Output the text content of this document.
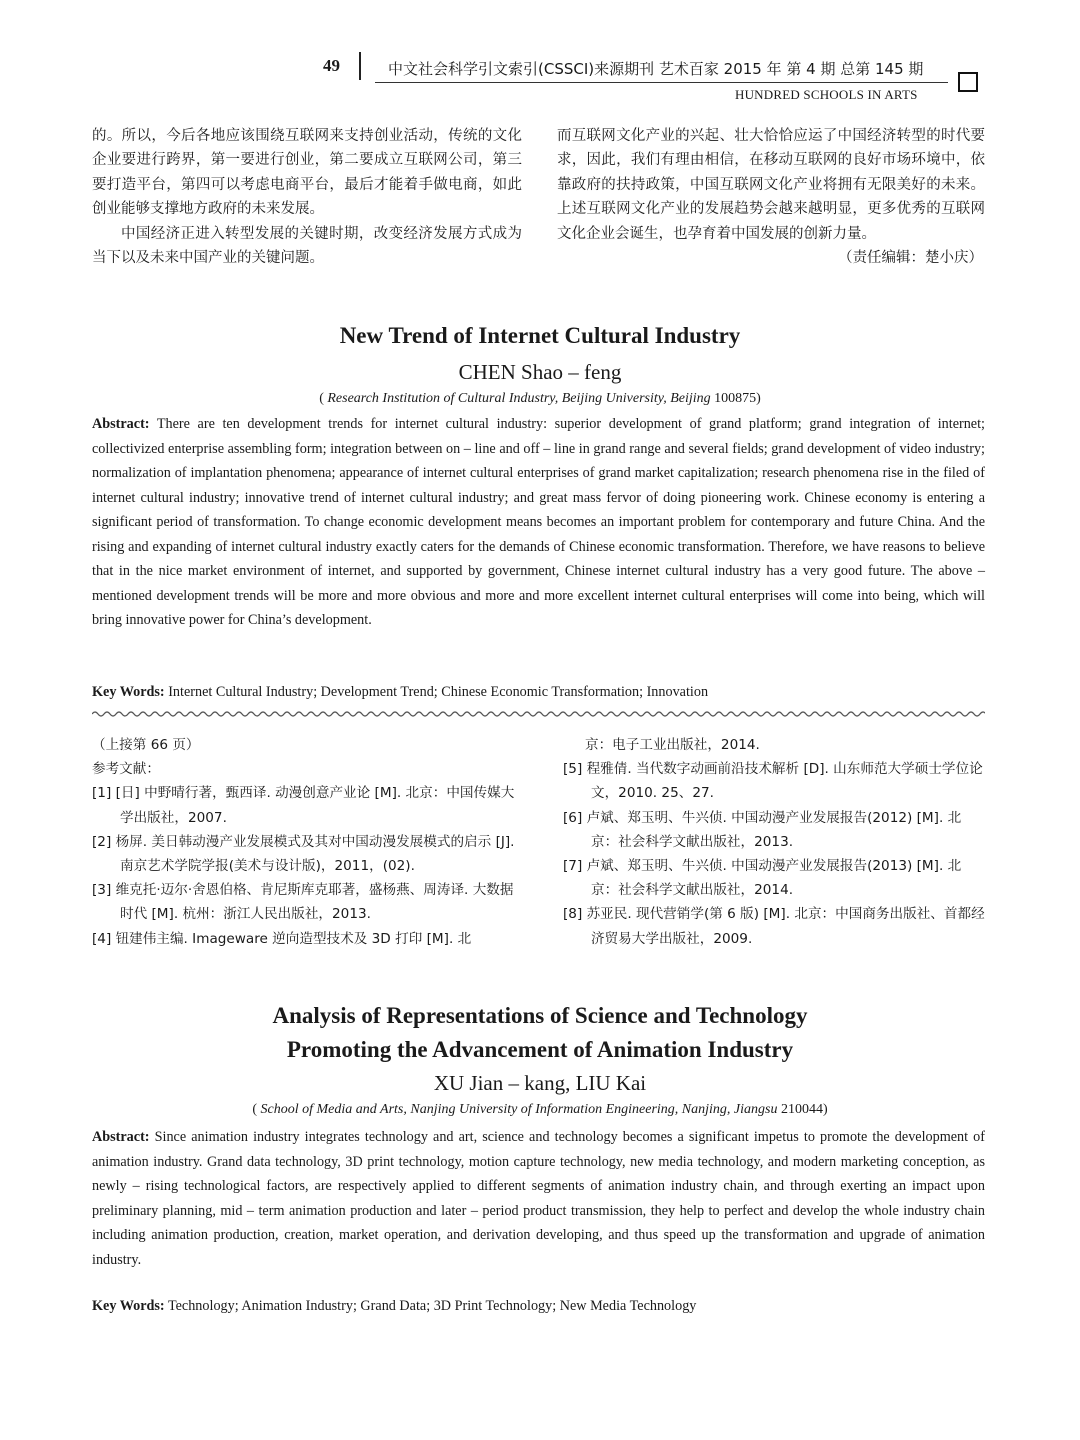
49	中文社会科学引文索引(CSSCI)来源期刊 艺术百家 2015 年 第 4 期 总第 145 期
HUNDRED SCHOOLS IN ARTS

的。所以，今后各地应该围绕互联网来支持创业活动，传统的文化企业要进行跨界，第一要进行创业，第二要成立互联网公司，第三要打造平台，第四可以考虑电商平台，最后才能着手做电商，如此创业能够支撑地方政府的未来发展。

中国经济正进入转型发展的关键时期，改变经济发展方式成为当下以及未来中国产业的关键问题。

而互联网文化产业的兴起、壮大恰恰应运了中国经济转型的时代要求，因此，我们有理由相信，在移动互联网的良好市场环境中，依靠政府的扶持政策，中国互联网文化产业将拥有无限美好的未来。上述互联网文化产业的发展趋势会越来越明显，更多优秀的互联网文化企业会诞生，也孕育着中国发展的创新力量。

（责任编辑：楚小庆）

New Trend of Internet Cultural Industry
CHEN Shao – feng
( Research Institution of Cultural Industry, Beijing University, Beijing 100875)
Abstract: There are ten development trends for internet cultural industry: superior development of grand platform; grand integration of internet; collectivized enterprise assembling form; integration between on – line and off – line in grand range and several fields; grand development of video industry; normalization of implantation phenomena; appearance of internet cultural enterprises of grand market capitalization; research phenomena rise in the filed of internet cultural industry; innovative trend of internet cultural industry; and great mass fervor of doing pioneering work. Chinese economy is entering a significant period of transformation. To change economic development means becomes an important problem for contemporary and future China. And the rising and expanding of internet cultural industry exactly caters for the demands of Chinese economic transformation. Therefore, we have reasons to believe that in the nice market environment of internet, and supported by government, Chinese internet cultural industry has a very good future. The above – mentioned development trends will be more and more obvious and more and more excellent internet cultural enterprises will come into being, which will bring innovative power for China’s development.
Key Words: Internet Cultural Industry; Development Trend; Chinese Economic Transformation; Innovation

（上接第 66 页）

参考文献：

[1] [日] 中野晴行著，甄西译. 动漫创意产业论 [M]. 北京：中国传媒大学出版社，2007.

[2] 杨屏. 美日韩动漫产业发展模式及其对中国动漫发展模式的启示 [J]. 南京艺术学院学报(美术与设计版)，2011，(02).

[3] 维克托·迈尔·舍恩伯格、肯尼斯库克耶著，盛杨燕、周涛译. 大数据时代 [M]. 杭州：浙江人民出版社，2013.

[4] 钮建伟主编. Imageware 逆向造型技术及 3D 打印 [M]. 北

京：电子工业出版社，2014.

[5] 程雅倩. 当代数字动画前沿技术解析 [D]. 山东师范大学硕士学位论文，2010. 25、27.

[6] 卢斌、郑玉明、牛兴侦. 中国动漫产业发展报告(2012) [M]. 北京：社会科学文献出版社，2013.

[7] 卢斌、郑玉明、牛兴侦. 中国动漫产业发展报告(2013) [M]. 北京：社会科学文献出版社，2014.

[8] 苏亚民. 现代营销学(第 6 版) [M]. 北京：中国商务出版社、首都经济贸易大学出版社，2009.

Analysis of Representations of Science and Technology
Promoting the Advancement of Animation Industry
XU Jian – kang, LIU Kai
( School of Media and Arts, Nanjing University of Information Engineering, Nanjing, Jiangsu 210044)
Abstract: Since animation industry integrates technology and art, science and technology becomes a significant impetus to promote the development of animation industry. Grand data technology, 3D print technology, motion capture technology, new media technology, and modern marketing conception, as newly – rising technological factors, are respectively applied to different segments of animation industry chain, and through exerting an impact upon preliminary planning, mid – term animation production and later – period product transmission, they help to perfect and develop the whole industry chain including animation production, creation, market operation, and derivation developing, and thus speed up the transformation and upgrade of animation industry.
Key Words: Technology; Animation Industry; Grand Data; 3D Print Technology; New Media Technology
